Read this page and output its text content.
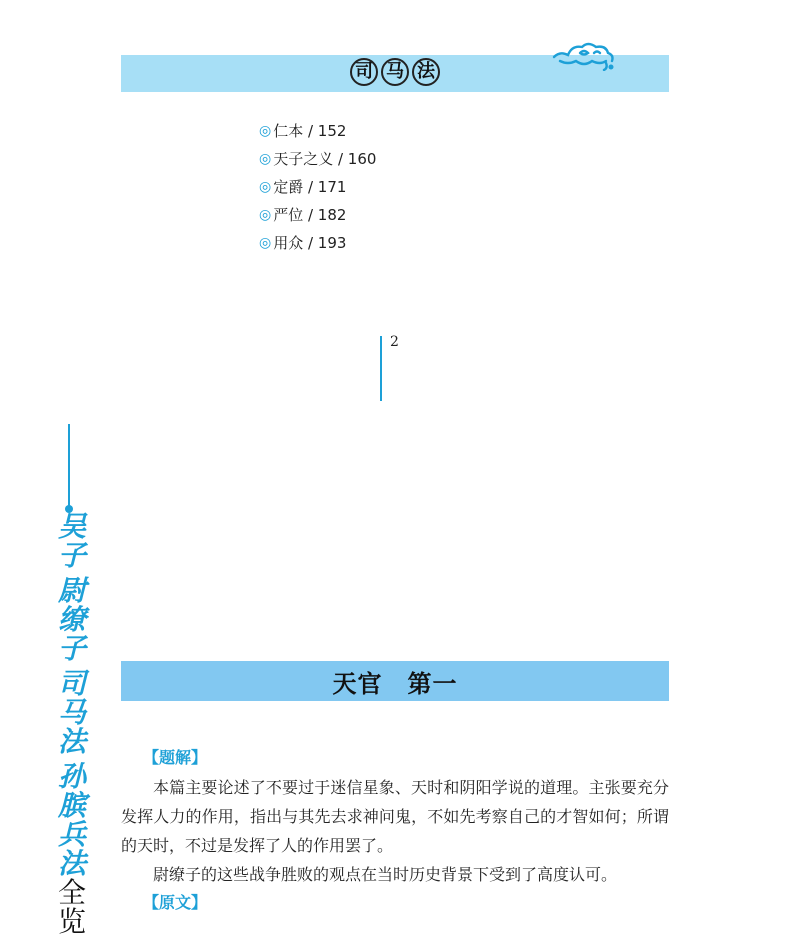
司 马 法
◎ 仁本 / 152
◎ 天子之义 / 160
◎ 定爵 / 171
◎ 严位 / 182
◎ 用众 / 193
2
吴子
尉缭子
司马法
孙膑兵法 全览
天官　第一
【题解】

本篇主要论述了不要过于迷信星象、天时和阴阳学说的道理。主张要充分发挥人力的作用，指出与其先去求神问鬼，不如先考察自己的才智如何；所谓的天时，不过是发挥了人的作用罢了。

尉缭子的这些战争胜败的观点在当时历史背景下受到了高度认可。

【原文】
